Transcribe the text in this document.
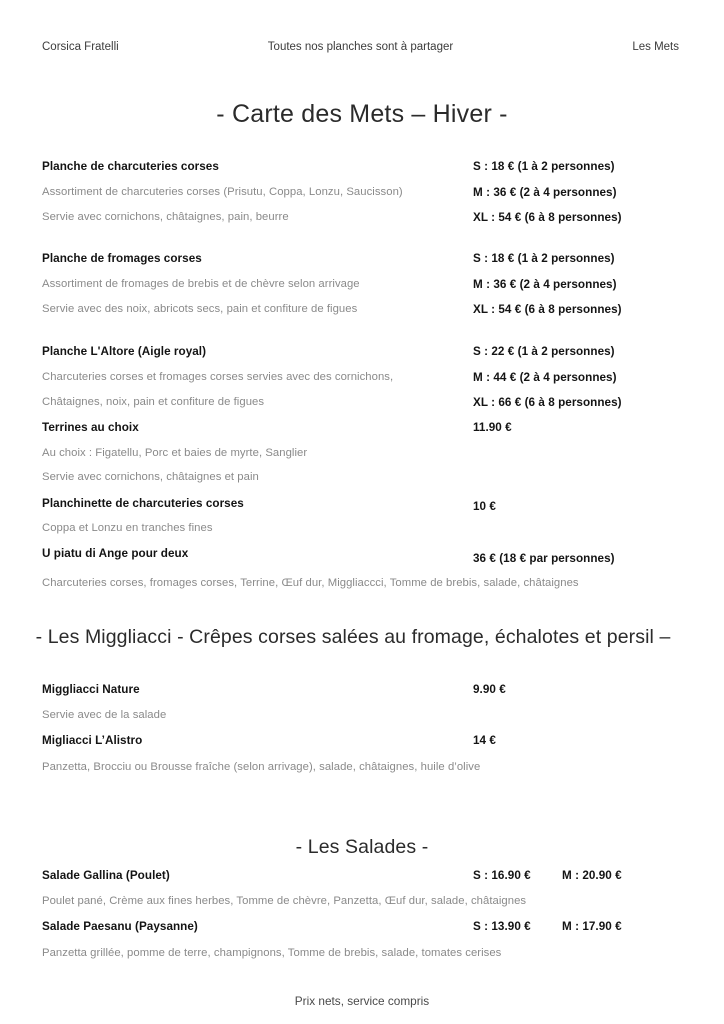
Corsica Fratelli	Toutes nos planches sont à partager	Les Mets
- Carte des Mets – Hiver -
Planche de charcuteries corses	S : 18 € (1 à 2 personnes)
Assortiment de charcuteries corses (Prisutu, Coppa, Lonzu, Saucisson)	M : 36 € (2 à 4 personnes)
Servie avec cornichons, châtaignes, pain, beurre	XL : 54 € (6 à 8 personnes)
Planche de fromages corses	S : 18 € (1 à 2 personnes)
Assortiment de fromages de brebis et de chèvre selon arrivage	M : 36 € (2 à 4 personnes)
Servie avec des noix, abricots secs, pain et confiture de figues	XL : 54 € (6 à 8 personnes)
Planche L'Altore (Aigle royal)	S : 22 € (1 à 2 personnes)
Charcuteries corses et fromages corses servies avec des cornichons,	M : 44 € (2 à 4 personnes)
Châtaignes, noix, pain et confiture de figues	XL : 66 € (6 à 8 personnes)
Terrines au choix	11.90 €
Au choix : Figatellu, Porc et baies de myrte, Sanglier
Servie avec cornichons, châtaignes et pain
Planchinette de charcuteries corses	10 €
Coppa et Lonzu en tranches fines
U piatu di Ange pour deux	36 € (18 € par personnes)
Charcuteries corses, fromages corses, Terrine, Œuf dur, Miggliaccci, Tomme de brebis, salade, châtaignes
- Les Miggliacci - Crêpes corses salées au fromage, échalotes et persil –
Miggliacci Nature	9.90 €
Servie avec de la salade
Migliacci L’Alistro	14 €
Panzetta, Brocciu ou Brousse fraîche (selon arrivage), salade, châtaignes, huile d’olive
- Les Salades -
Salade Gallina (Poulet)	S : 16.90 €	M : 20.90 €
Poulet pané, Crème aux fines herbes, Tomme de chèvre, Panzetta, Œuf dur, salade, châtaignes
Salade Paesanu (Paysanne)	S : 13.90 €	M : 17.90 €
Panzetta grillée, pomme de terre, champignons, Tomme de brebis, salade, tomates cerises
Prix nets, service compris
